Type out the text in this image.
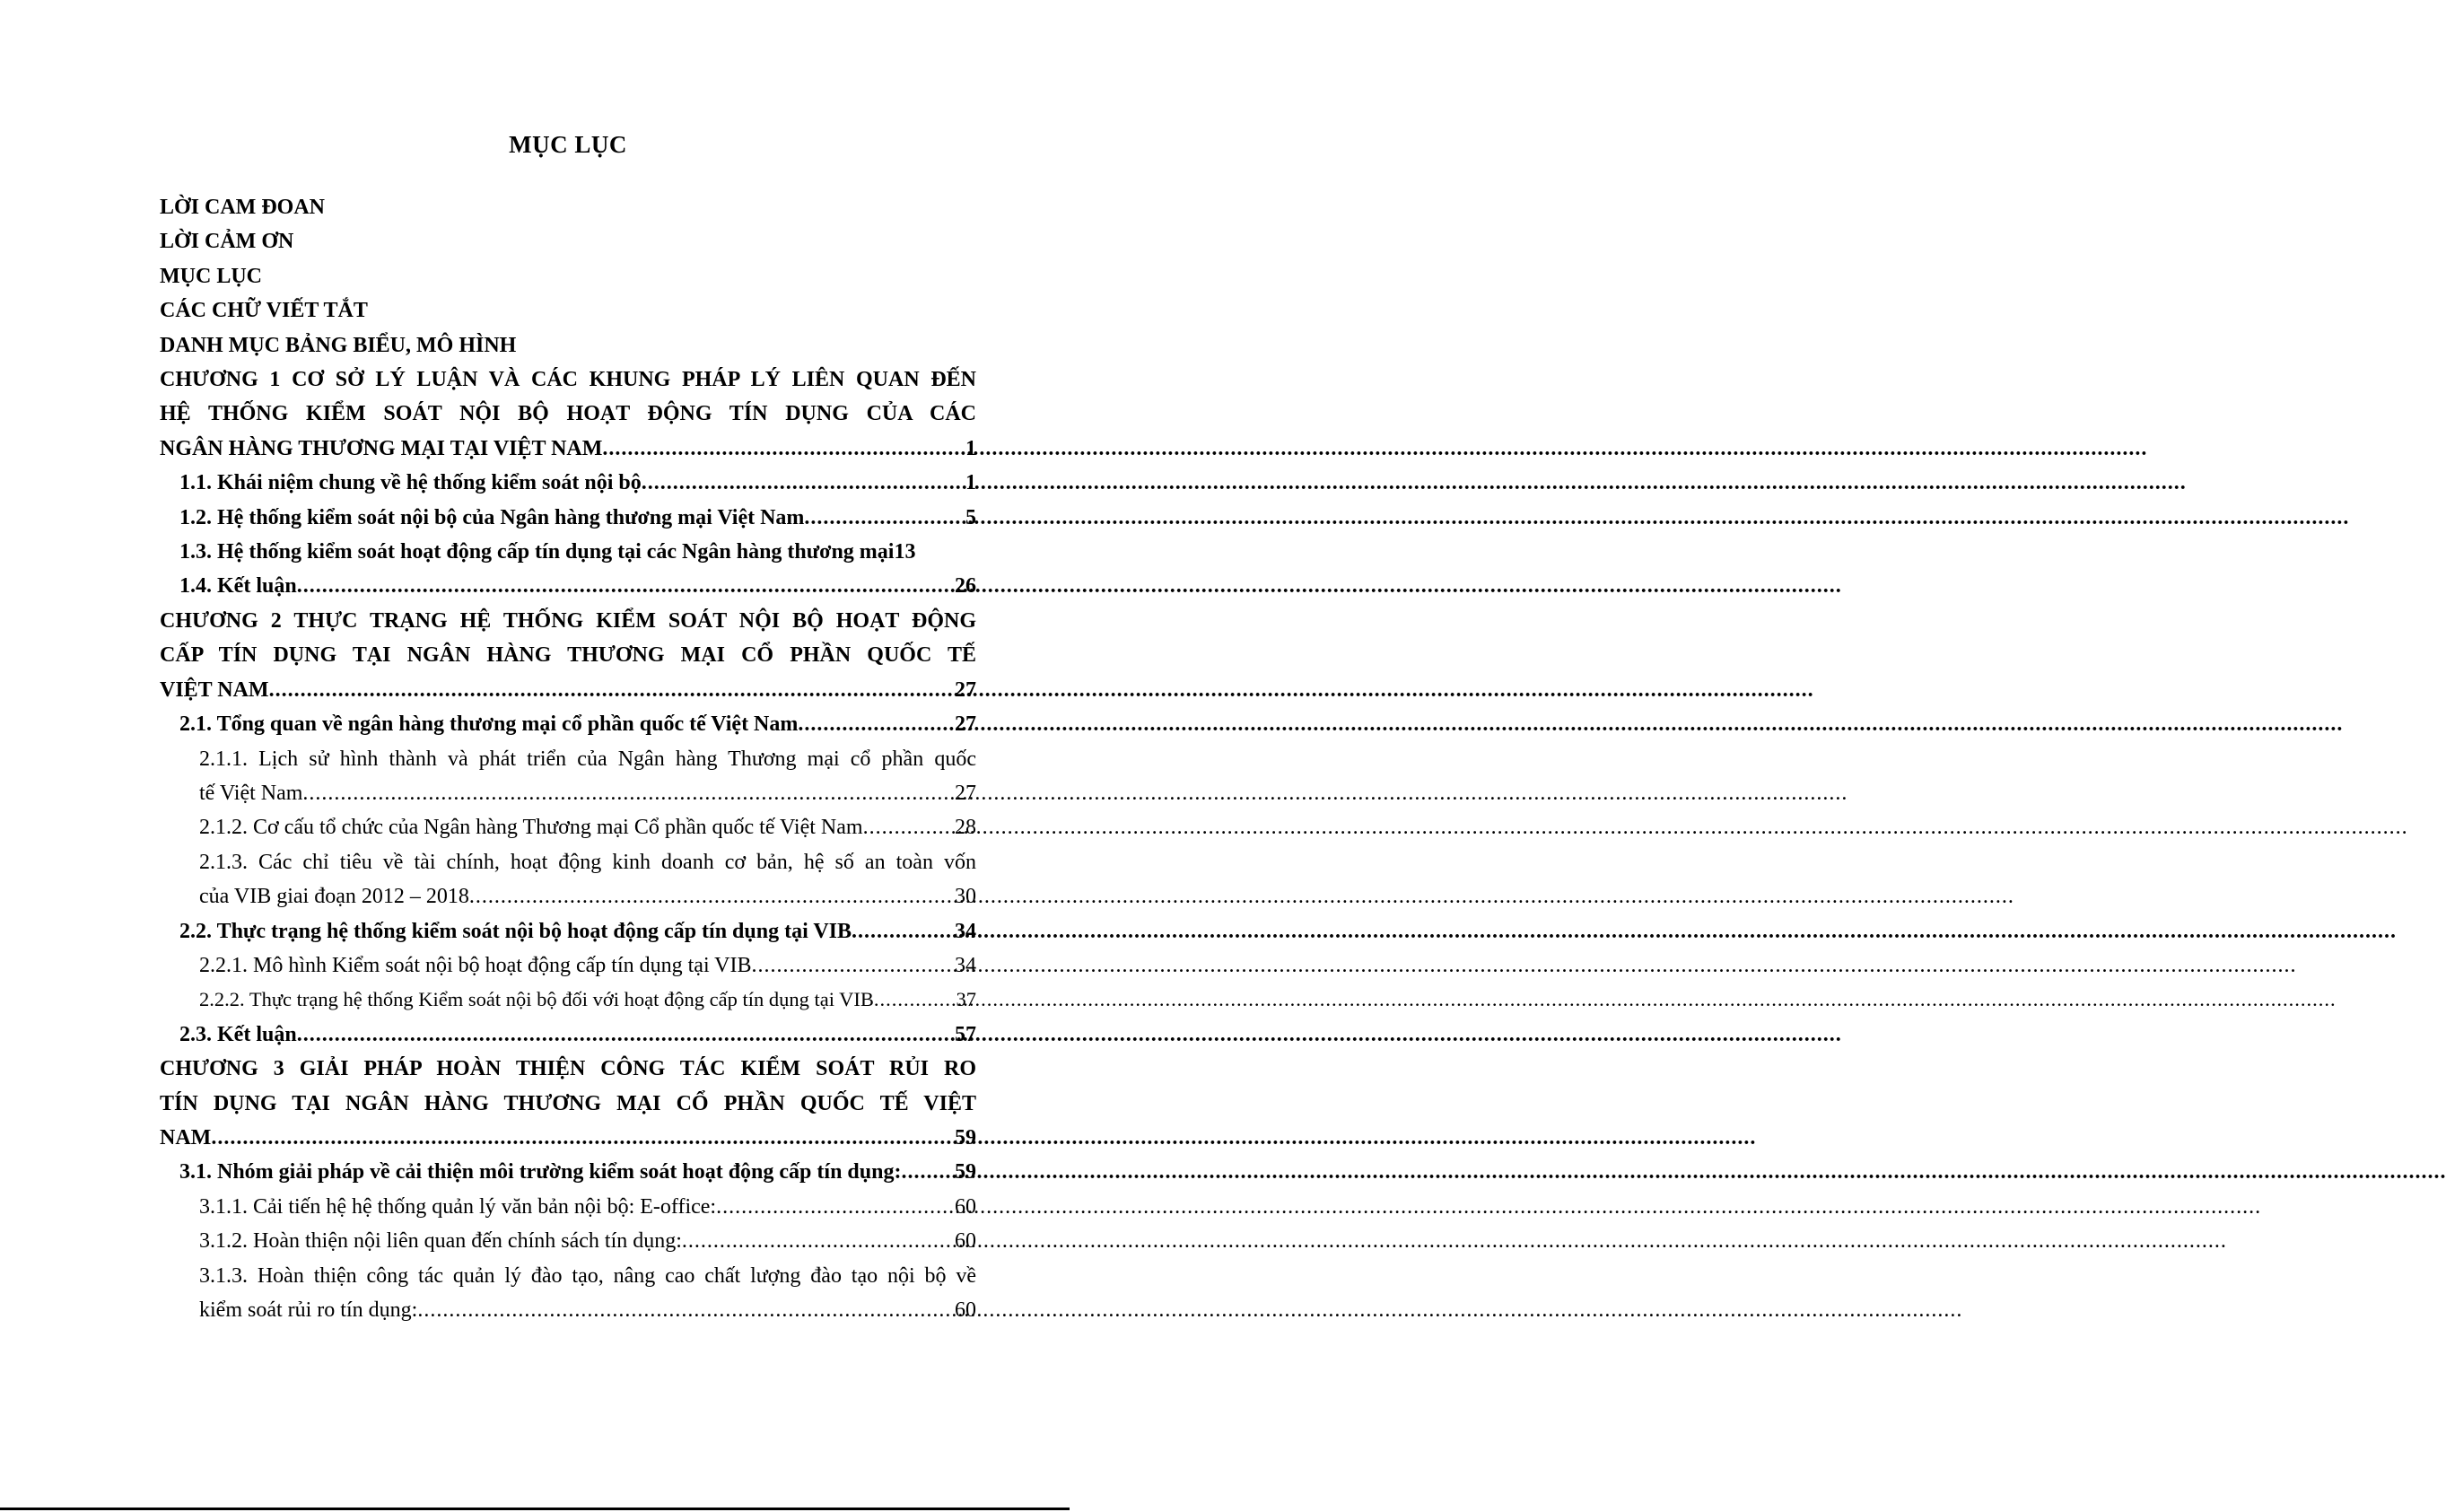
MỤC LỤC
LỜI CAM ĐOAN
LỜI CẢM ƠN
MỤC LỤC
CÁC CHỮ VIẾT TẮT
DANH MỤC BẢNG BIỂU, MÔ HÌNH
CHƯƠNG 1 CƠ SỞ LÝ LUẬN VÀ CÁC KHUNG PHÁP LÝ LIÊN QUAN ĐẾN
HỆ THỐNG KIỂM SOÁT NỘI BỘ HOẠT ĐỘNG TÍN DỤNG CỦA CÁC
NGÂN HÀNG THƯƠNG MẠI TẠI VIỆT NAM .....	1
1.1. Khái niệm chung về hệ thống kiểm soát nội bộ .....	1
1.2. Hệ thống kiểm soát nội bộ của Ngân hàng thương mại Việt Nam .....	5
1.3. Hệ thống kiểm soát hoạt động cấp tín dụng tại các Ngân hàng thương mại 13
1.4. Kết luận .....	26
CHƯƠNG 2 THỰC TRẠNG HỆ THỐNG KIỂM SOÁT NỘI BỘ HOẠT ĐỘNG
CẤP TÍN DỤNG TẠI NGÂN HÀNG THƯƠNG MẠI CỔ PHẦN QUỐC TẾ
VIỆT NAM .....	27
2.1. Tổng quan về ngân hàng thương mại cổ phần quốc tế Việt Nam .....	27
2.1.1. Lịch sử hình thành và phát triển của Ngân hàng Thương mại cổ phần quốc
tế Việt Nam .....	27
2.1.2. Cơ cấu tổ chức của Ngân hàng Thương mại Cổ phần quốc tế Việt Nam .....	28
2.1.3. Các chỉ tiêu về tài chính, hoạt động kinh doanh cơ bản, hệ số an toàn vốn
của VIB giai đoạn 2012 – 2018 .....	30
2.2. Thực trạng hệ thống kiểm soát nội bộ hoạt động cấp tín dụng tại VIB .....	34
2.2.1. Mô hình Kiểm soát nội bộ hoạt động cấp tín dụng tại VIB .....	34
2.2.2. Thực trạng hệ thống Kiểm soát nội bộ đối với hoạt động cấp tín dụng tại VIB .....	37
2.3. Kết luận .....	57
CHƯƠNG 3 GIẢI PHÁP HOÀN THIỆN CÔNG TÁC KIỂM SOÁT RỦI RO
TÍN DỤNG TẠI NGÂN HÀNG THƯƠNG MẠI CỔ PHẦN QUỐC TẾ VIỆT
NAM .....	59
3.1. Nhóm giải pháp về cải thiện môi trường kiểm soát hoạt động cấp tín dụng: ..... 59
3.1.1. Cải tiến hệ hệ thống quản lý văn bản nội bộ: E-office: .....	60
3.1.2. Hoàn thiện nội liên quan đến chính sách tín dụng: .....	60
3.1.3. Hoàn thiện công tác quản lý đào tạo, nâng cao chất lượng đào tạo nội bộ về
kiểm soát rủi ro tín dụng: .....	60
